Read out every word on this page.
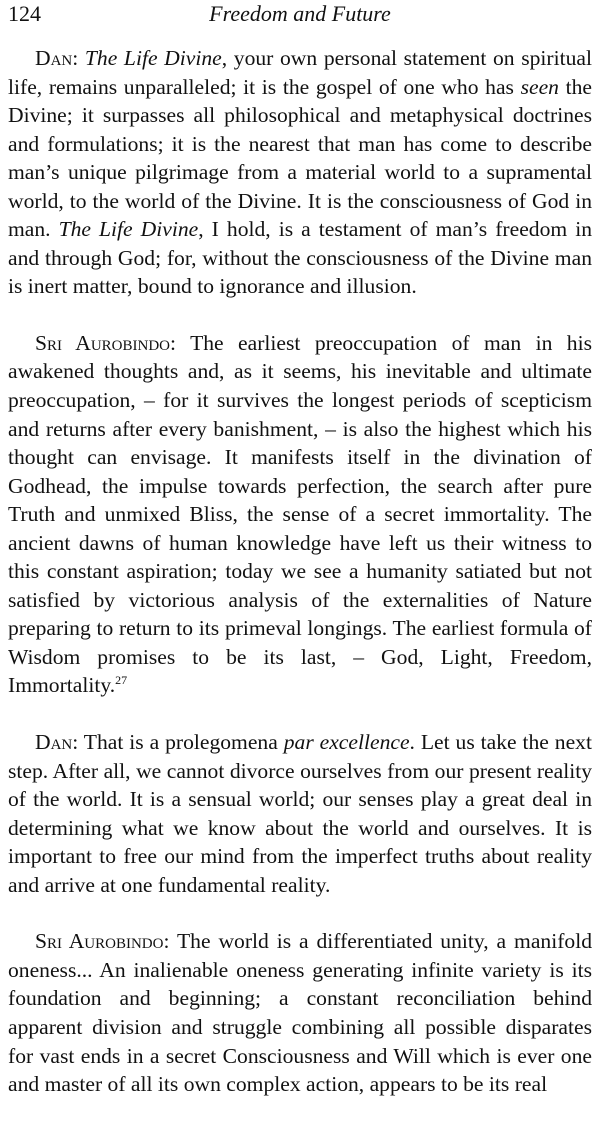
124	Freedom and Future

Dan: The Life Divine, your own personal statement on spiritual life, remains unparalleled; it is the gospel of one who has seen the Divine; it surpasses all philosophical and metaphysical doctrines and formulations; it is the nearest that man has come to describe man’s unique pilgrimage from a material world to a supramental world, to the world of the Divine. It is the consciousness of God in man. The Life Divine, I hold, is a testament of man’s freedom in and through God; for, without the consciousness of the Divine man is inert matter, bound to ignorance and illusion.

Sri Aurobindo: The earliest preoccupation of man in his awakened thoughts and, as it seems, his inevitable and ultimate preoccupation, – for it survives the longest periods of scepticism and returns after every banishment, – is also the highest which his thought can envisage. It manifests itself in the divination of Godhead, the impulse towards perfection, the search after pure Truth and unmixed Bliss, the sense of a secret immortality. The ancient dawns of human knowledge have left us their witness to this constant aspiration; today we see a humanity satiated but not satisfied by victorious analysis of the externalities of Nature preparing to return to its primeval longings. The earliest formula of Wisdom promises to be its last, – God, Light, Freedom, Immortality.$^{27}$

Dan: That is a prolegomena par excellence. Let us take the next step. After all, we cannot divorce ourselves from our present reality of the world. It is a sensual world; our senses play a great deal in determining what we know about the world and ourselves. It is important to free our mind from the imperfect truths about reality and arrive at one fundamental reality.

Sri Aurobindo: The world is a differentiated unity, a manifold oneness... An inalienable oneness generating infinite variety is its foundation and beginning; a constant reconciliation behind apparent division and struggle combining all possible disparates for vast ends in a secret Consciousness and Will which is ever one and master of all its own complex action, appears to be its real
